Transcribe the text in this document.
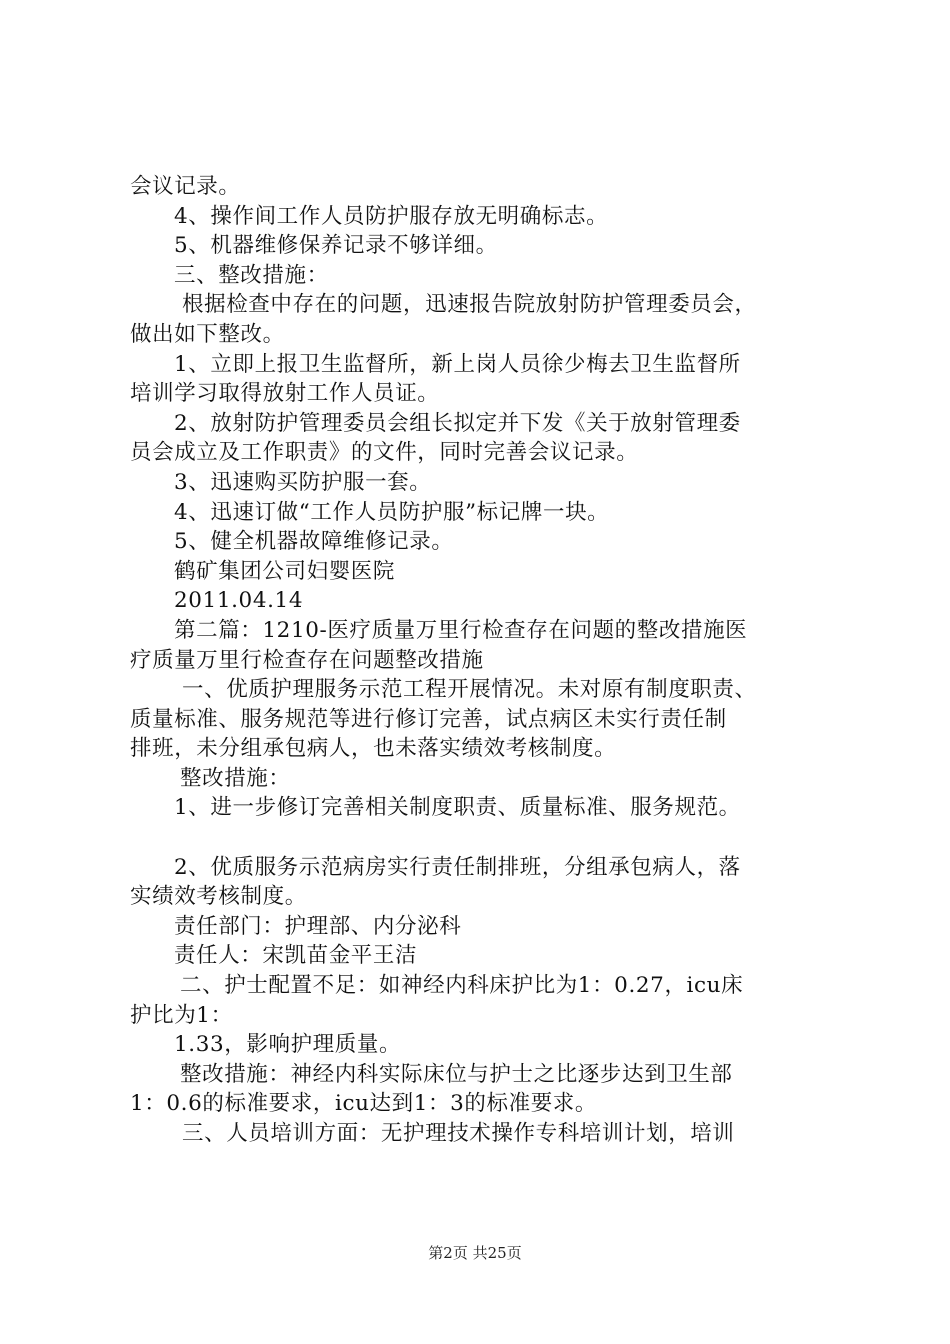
会议记录。
4、操作间工作人员防护服存放无明确标志。
5、机器维修保养记录不够详细。
三、整改措施：
根据检查中存在的问题，迅速报告院放射防护管理委员会，
做出如下整改。
1、立即上报卫生监督所，新上岗人员徐少梅去卫生监督所
培训学习取得放射工作人员证。
2、放射防护管理委员会组长拟定并下发《关于放射管理委
员会成立及工作职责》的文件，同时完善会议记录。
3、迅速购买防护服一套。
4、迅速订做“工作人员防护服”标记牌一块。
5、健全机器故障维修记录。
鹤矿集团公司妇婴医院
2011.04.14
第二篇：1210-医疗质量万里行检查存在问题的整改措施医
疗质量万里行检查存在问题整改措施
一、优质护理服务示范工程开展情况。未对原有制度职责、
质量标准、服务规范等进行修订完善，试点病区未实行责任制
排班，未分组承包病人，也未落实绩效考核制度。
整改措施：
1、进一步修订完善相关制度职责、质量标准、服务规范。
2、优质服务示范病房实行责任制排班，分组承包病人，落
实绩效考核制度。
责任部门：护理部、内分泌科
责任人：宋凯苗金平王洁
二、护士配置不足：如神经内科床护比为1：0.27，icu床
护比为1：
1.33，影响护理质量。
整改措施：神经内科实际床位与护士之比逐步达到卫生部
1：0.6的标准要求，icu达到1：3的标准要求。
三、人员培训方面：无护理技术操作专科培训计划，培训
第2页 共25页
